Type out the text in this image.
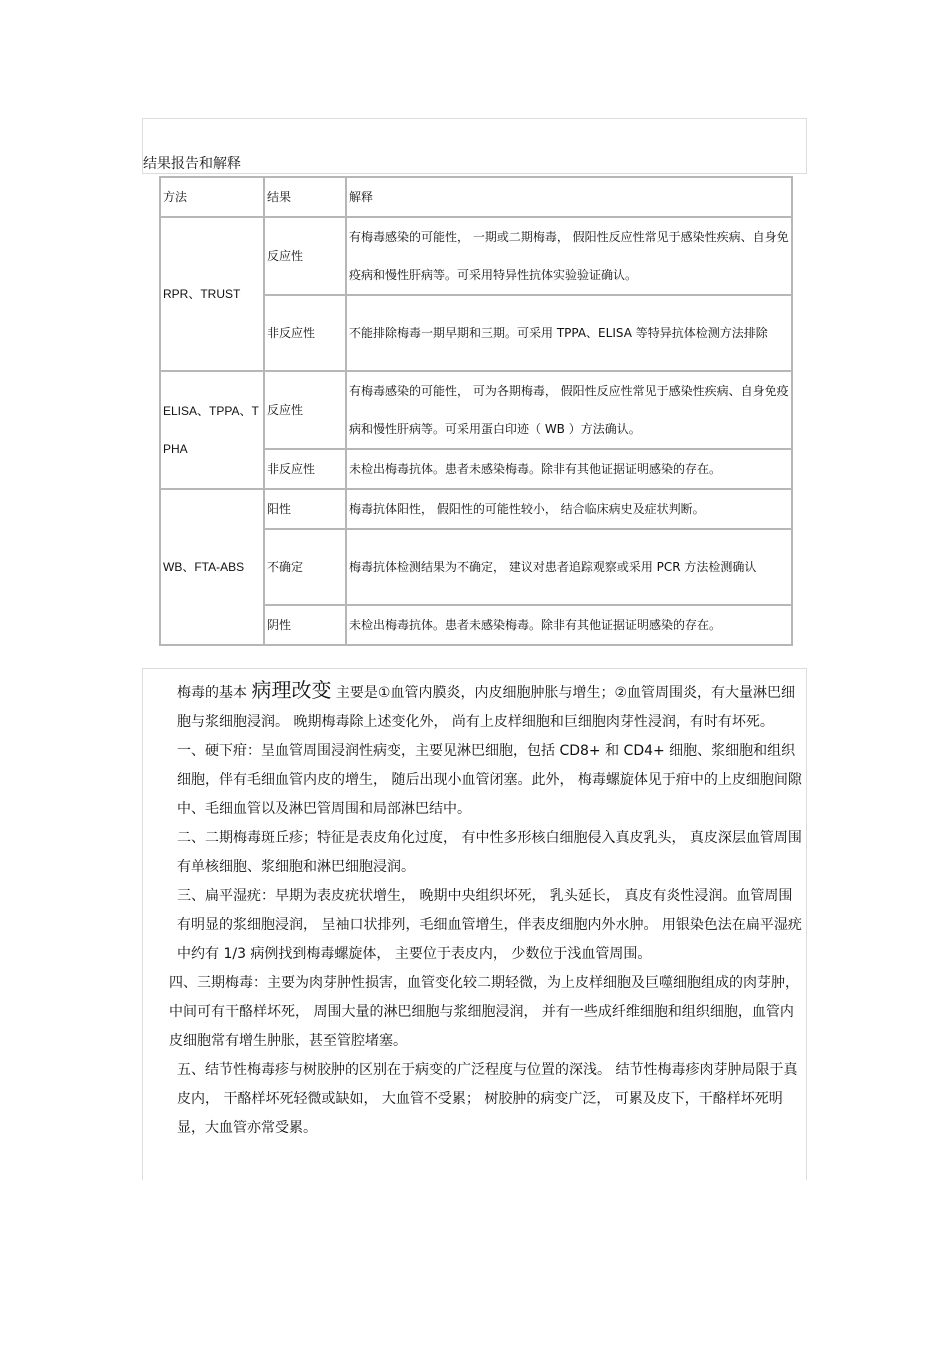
结果报告和解释
方法	结果	解释
RPR、TRUST	反应性	有梅毒感染的可能性， 一期或二期梅毒， 假阳性反应性常见于感染性疾病、自身免疫病和慢性肝病等。可采用特异性抗体实验验证确认。
	非反应性	不能排除梅毒一期早期和三期。可采用 TPPA、ELISA 等特异抗体检测方法排除
ELISA、TPPA、TPHA	反应性	有梅毒感染的可能性， 可为各期梅毒， 假阳性反应性常见于感染性疾病、自身免疫病和慢性肝病等。可采用蛋白印迹（ WB ）方法确认。
	非反应性	未检出梅毒抗体。患者未感染梅毒。除非有其他证据证明感染的存在。
WB、FTA-ABS	阳性	梅毒抗体阳性， 假阳性的可能性较小， 结合临床病史及症状判断。
	不确定	梅毒抗体检测结果为不确定， 建议对患者追踪观察或采用 PCR 方法检测确认
	阴性	未检出梅毒抗体。患者未感染梅毒。除非有其他证据证明感染的存在。

梅毒的基本 病理改变 主要是①血管内膜炎，内皮细胞肿胀与增生；②血管周围炎，有大量淋巴细胞与浆细胞浸润。 晚期梅毒除上述变化外， 尚有上皮样细胞和巨细胞肉芽性浸润，有时有坏死。

一、硬下疳：呈血管周围浸润性病变，主要见淋巴细胞，包括 CD8+ 和 CD4+ 细胞、浆细胞和组织细胞，伴有毛细血管内皮的增生， 随后出现小血管闭塞。此外， 梅毒螺旋体见于疳中的上皮细胞间隙中、毛细血管以及淋巴管周围和局部淋巴结中。

二、二期梅毒斑丘疹；特征是表皮角化过度， 有中性多形核白细胞侵入真皮乳头， 真皮深层血管周围有单核细胞、浆细胞和淋巴细胞浸润。

三、扁平湿疣：早期为表皮疣状增生， 晚期中央组织坏死， 乳头延长， 真皮有炎性浸润。血管周围有明显的浆细胞浸润， 呈袖口状排列，毛细血管增生，伴表皮细胞内外水肿。 用银染色法在扁平湿疣中约有 1/3 病例找到梅毒螺旋体， 主要位于表皮内， 少数位于浅血管周围。

四、三期梅毒：主要为肉芽肿性损害，血管变化较二期轻微，为上皮样细胞及巨噬细胞组成的肉芽肿， 中间可有干酪样坏死， 周围大量的淋巴细胞与浆细胞浸润， 并有一些成纤维细胞和组织细胞，血管内皮细胞常有增生肿胀，甚至管腔堵塞。

五、结节性梅毒疹与树胶肿的区别在于病变的广泛程度与位置的深浅。 结节性梅毒疹肉芽肿局限于真皮内， 干酪样坏死轻微或缺如， 大血管不受累； 树胶肿的病变广泛， 可累及皮下，干酪样坏死明显，大血管亦常受累。
